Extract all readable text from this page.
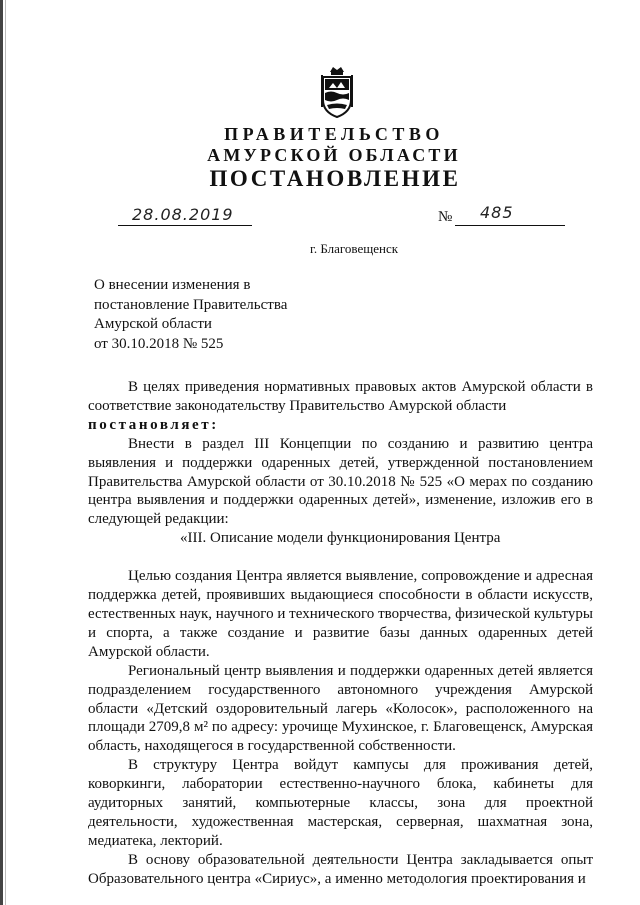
ПРАВИТЕЛЬСТВО
АМУРСКОЙ ОБЛАСТИ
ПОСТАНОВЛЕНИЕ
28.08.2019	№ 485
г. Благовещенск
О внесении изменения в
постановление Правительства
Амурской области
от 30.10.2018 № 525

В целях приведения нормативных правовых актов Амурской области в соответствие законодательству Правительство Амурской области

постановляет:

Внести в раздел III Концепции по созданию и развитию центра выявления и поддержки одаренных детей, утвержденной постановлением Правительства Амурской области от 30.10.2018 № 525 «О мерах по созданию центра выявления и поддержки одаренных детей», изменение, изложив его в следующей редакции:

«III. Описание модели функционирования Центра

Целью создания Центра является выявление, сопровождение и адресная поддержка детей, проявивших выдающиеся способности в области искусств, естественных наук, научного и технического творчества, физической культуры и спорта, а также создание и развитие базы данных одаренных детей Амурской области.

Региональный центр выявления и поддержки одаренных детей является подразделением государственного автономного учреждения Амурской области «Детский оздоровительный лагерь «Колосок», расположенного на площади 2709,8 м² по адресу: урочище Мухинское, г. Благовещенск, Амурская область, находящегося в государственной собственности.

В структуру Центра войдут кампусы для проживания детей, коворкинги, лаборатории естественно-научного блока, кабинеты для аудиторных занятий, компьютерные классы, зона для проектной деятельности, художественная мастерская, серверная, шахматная зона, медиатека, лекторий.

В основу образовательной деятельности Центра закладывается опыт Образовательного центра «Сириус», а именно методология проектирования и
